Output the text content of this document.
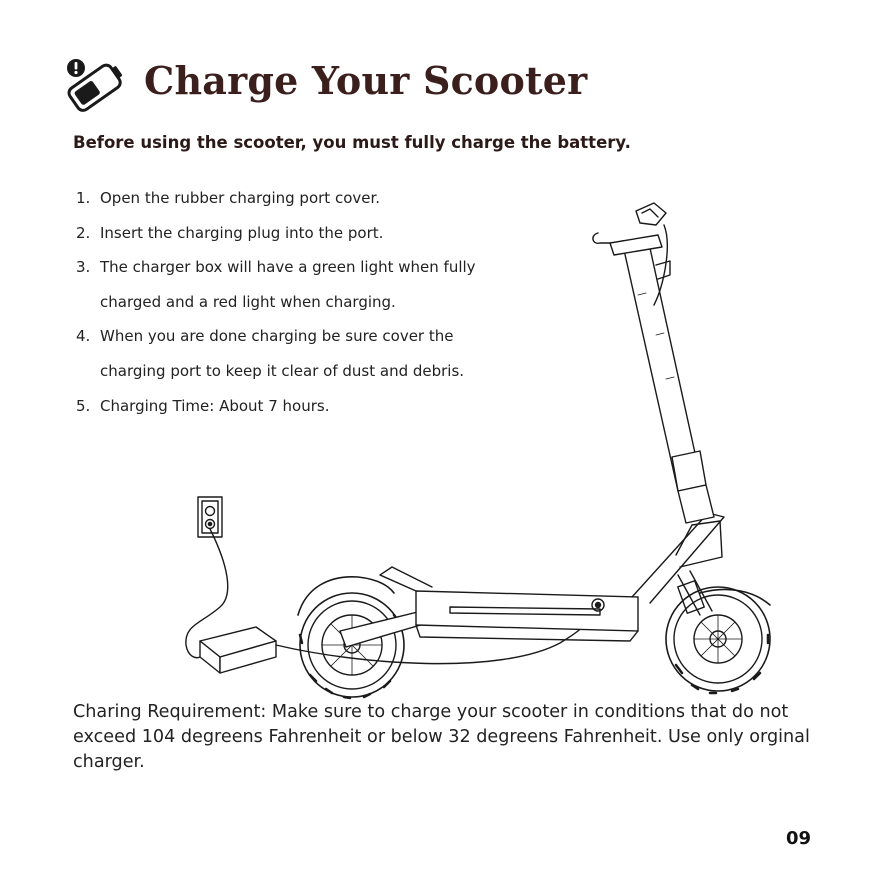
Charge Your Scooter

Before using the scooter, you must fully charge the battery.

1. Open the rubber charging port cover.
2. Insert the charging plug into the port.
3. The charger box will have a green light when fully
charged and a red light when charging.
4. When you are done charging be sure cover the
charging port to keep it clear of dust and debris.
5. Charging Time: About 7 hours.

Charing Requirement: Make sure to charge your scooter in conditions that do not exceed 104 degreens Fahrenheit or below 32 degreens Fahrenheit. Use only orginal charger.

09
